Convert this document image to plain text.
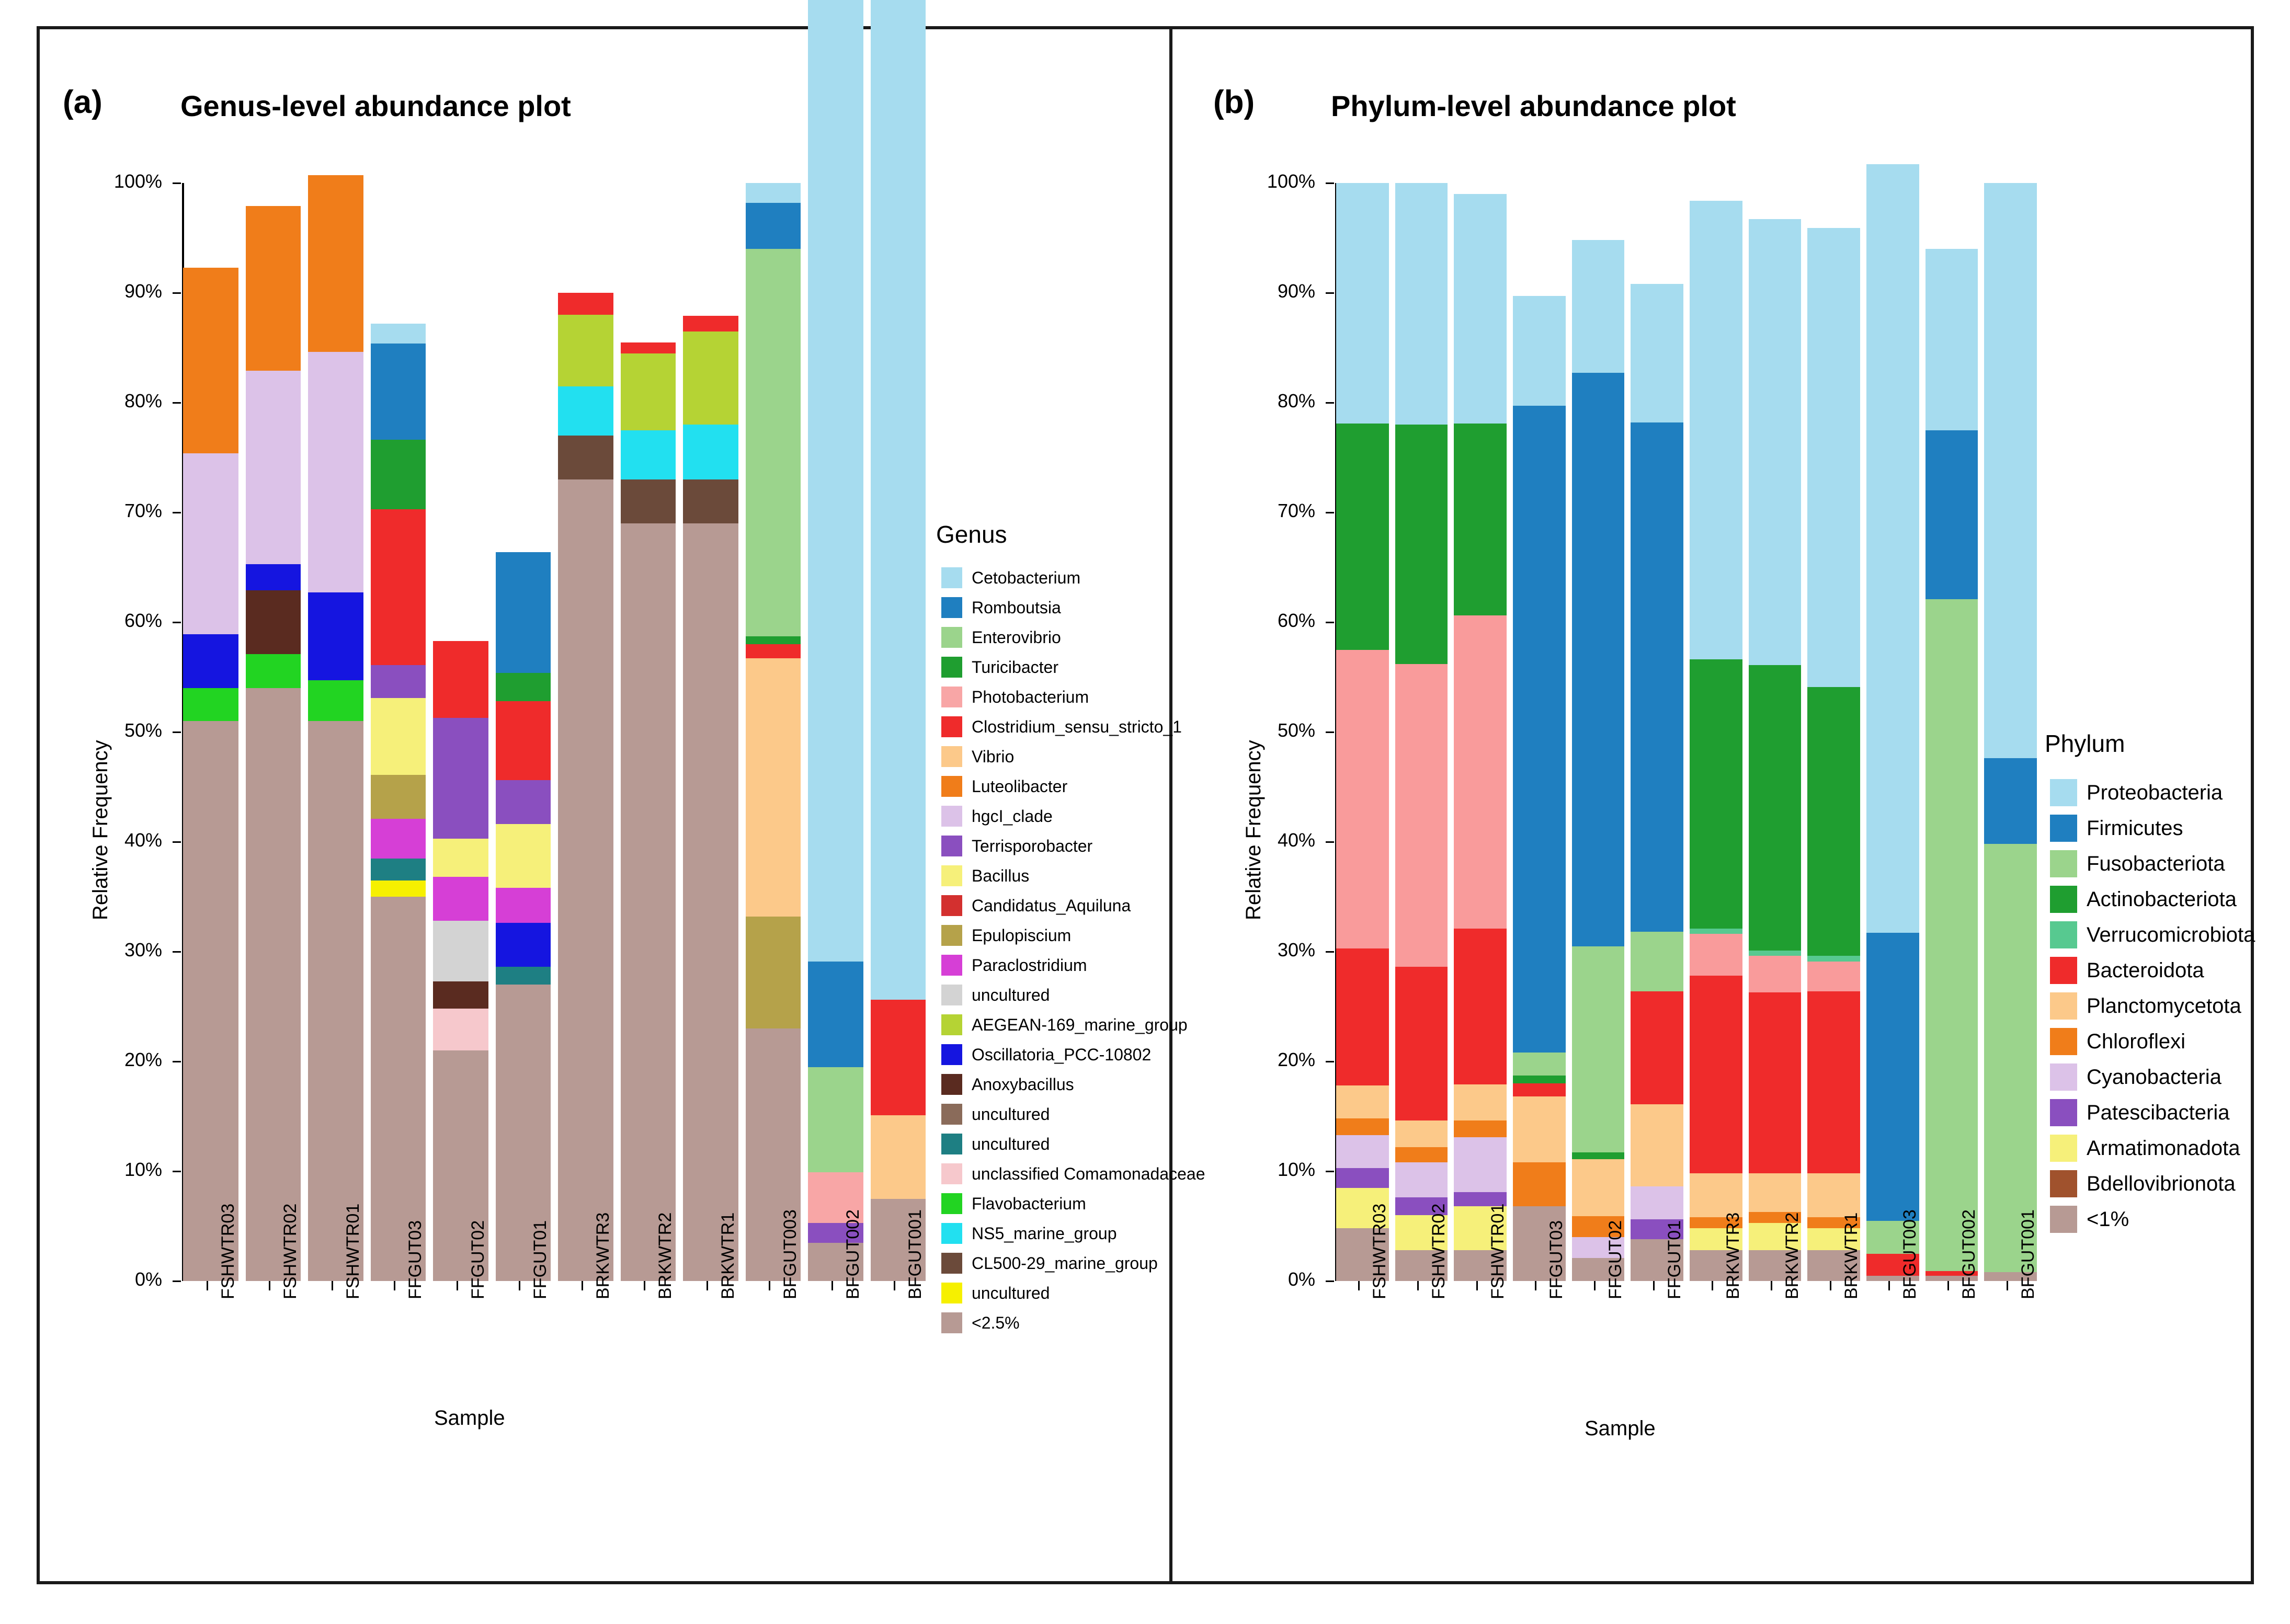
(a)	Genus-level abundance plot
Relative Frequency
Sample
Genus
(b)	Phylum-level abundance plot
Relative Frequency
Sample
Phylum
0%
10%
20%
30%
40%
50%
60%
70%
80%
90%
100%
FSHWTR03 FSHWTR02 FSHWTR01 FFGUT03 FFGUT02 FFGUT01 BRKWTR3 BRKWTR2 BRKWTR1 BFGUT003 BFGUT002 BFGUT001	0%
10%
20%
30%
40%
50%
60%
70%
80%
90%
100%
FSHWTR03 FSHWTR02 FSHWTR01 FFGUT03 FFGUT02 FFGUT01 BRKWTR3 BRKWTR2 BRKWTR1 BFGUT003 BFGUT002 BFGUT001
Cetobacterium
Romboutsia
Enterovibrio
Turicibacter
Photobacterium
Clostridium_sensu_stricto_1
Vibrio
Luteolibacter
hgcI_clade
Terrisporobacter
Bacillus
Candidatus_Aquiluna
Epulopiscium
Paraclostridium
uncultured
AEGEAN-169_marine_group
Oscillatoria_PCC-10802
Anoxybacillus
uncultured
uncultured
unclassified Comamonadaceae
Flavobacterium
NS5_marine_group
CL500-29_marine_group
uncultured
<2.5%
Proteobacteria
Firmicutes
Fusobacteriota
Actinobacteriota
Verrucomicrobiota
Bacteroidota
Planctomycetota
Chloroflexi
Cyanobacteria
Patescibacteria
Armatimonadota
Bdellovibrionota
<1%
